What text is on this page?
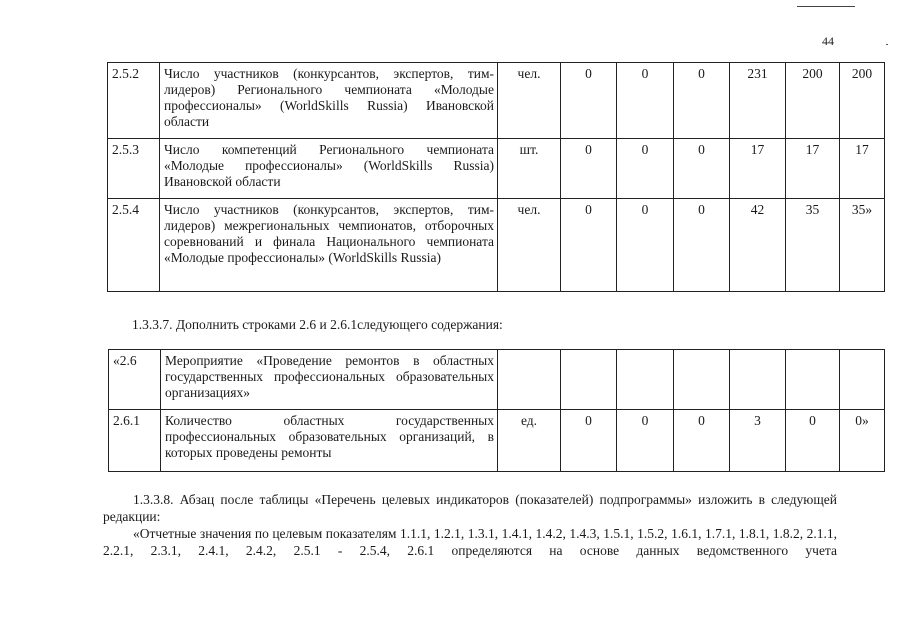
44
2.5.2	Число участников (конкурсантов, экспертов, тим-лидеров) Регионального чемпионата «Молодые профессионалы» (WorldSkills Russia) Ивановской области	чел.	0	0	0	231	200	200
2.5.3	Число компетенций Регионального чемпионата «Молодые профессионалы» (WorldSkills Russia) Ивановской области	шт.	0	0	0	17	17	17
2.5.4	Число участников (конкурсантов, экспертов, тим-лидеров) межрегиональных чемпионатов, отборочных соревнований и финала Национального чемпионата «Молодые профессионалы» (WorldSkills Russia)	чел.	0	0	0	42	35	35»
1.3.3.7. Дополнить строками 2.6 и 2.6.1следующего содержания:
«2.6	Мероприятие «Проведение ремонтов в областных государственных профессиональных образовательных организациях»							
2.6.1	Количество областных государственных профессиональных образовательных организаций, в которых проведены ремонты	ед.	0	0	0	3	0	0»
1.3.3.8. Абзац после таблицы «Перечень целевых индикаторов (показателей) подпрограммы» изложить в следующей редакции:
«Отчетные значения по целевым показателям 1.1.1, 1.2.1, 1.3.1, 1.4.1, 1.4.2, 1.4.3, 1.5.1, 1.5.2, 1.6.1, 1.7.1, 1.8.1, 1.8.2, 2.1.1, 2.2.1, 2.3.1, 2.4.1, 2.4.2, 2.5.1 - 2.5.4, 2.6.1 определяются на основе данных ведомственного учета
